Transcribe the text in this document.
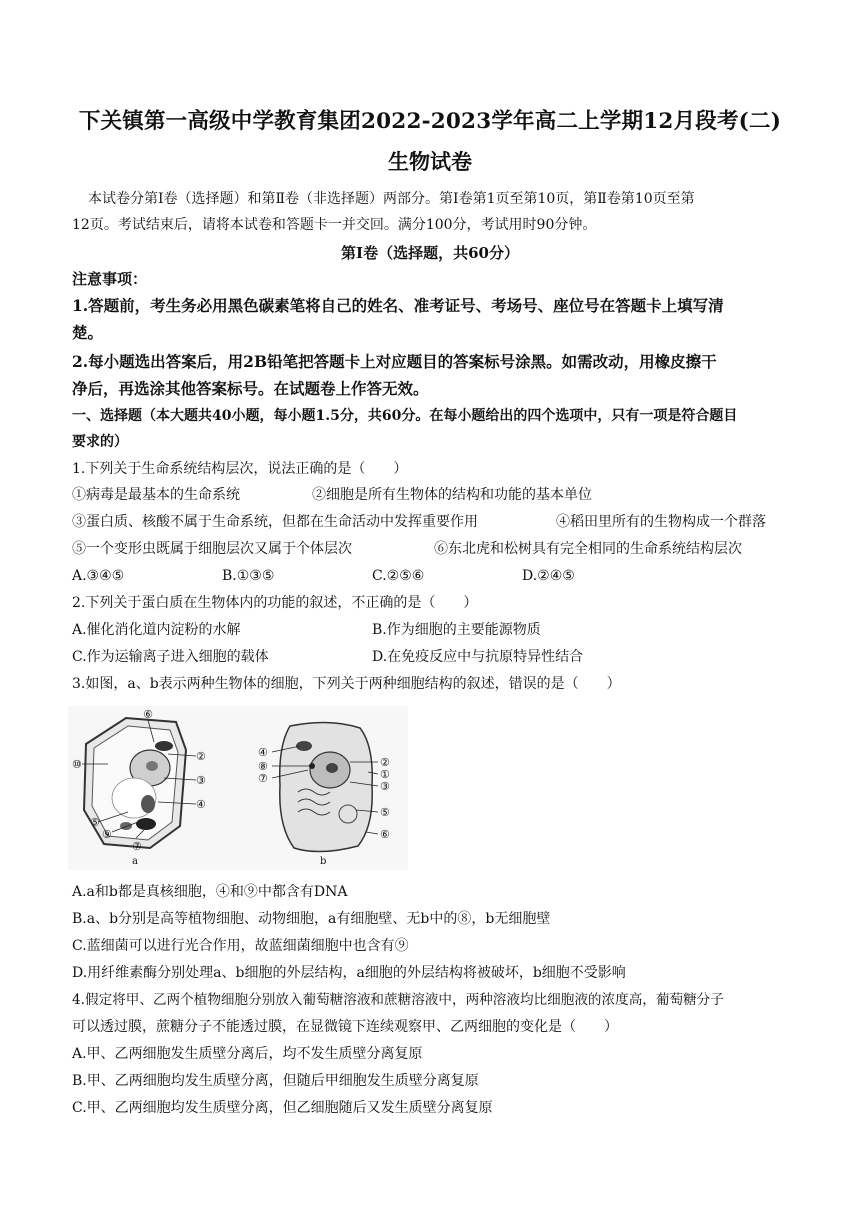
下关镇第一高级中学教育集团2022-2023学年高二上学期12月段考(二)
生物试卷
本试卷分第Ⅰ卷（选择题）和第Ⅱ卷（非选择题）两部分。第Ⅰ卷第1页至第10页，第Ⅱ卷第10页至第
12页。考试结束后，请将本试卷和答题卡一并交回。满分100分，考试用时90分钟。
第Ⅰ卷（选择题，共60分）
注意事项：
1.答题前，考生务必用黑色碳素笔将自己的姓名、准考证号、考场号、座位号在答题卡上填写清
楚。
2.每小题选出答案后，用2B铅笔把答题卡上对应题目的答案标号涂黑。如需改动，用橡皮擦干
净后，再选涂其他答案标号。在试题卷上作答无效。
一、选择题（本大题共40小题，每小题1.5分，共60分。在每小题给出的四个选项中，只有一项是符合题目
要求的）
1.下列关于生命系统结构层次，说法正确的是（　　）
①病毒是最基本的生命系统	②细胞是所有生物体的结构和功能的基本单位
③蛋白质、核酸不属于生命系统，但都在生命活动中发挥重要作用	④稻田里所有的生物构成一个群落
⑤一个变形虫既属于细胞层次又属于个体层次	⑥东北虎和松树具有完全相同的生命系统结构层次
A.③④⑤	B.①③⑤	C.②⑤⑥	D.②④⑤
2.下列关于蛋白质在生物体内的功能的叙述，不正确的是（　　）
A.催化消化道内淀粉的水解	B.作为细胞的主要能源物质
C.作为运输离子进入细胞的载体	D.在免疫反应中与抗原特异性结合
3.如图，a、b表示两种生物体的细胞，下列关于两种细胞结构的叙述，错误的是（　　）
⑥
⑩
②
③
④
⑤
⑨
⑦
a
④
⑧
⑦
②
①
③
⑤
⑥
b
A.a和b都是真核细胞，④和⑨中都含有DNA
B.a、b分别是高等植物细胞、动物细胞，a有细胞壁、无b中的⑧，b无细胞壁
C.蓝细菌可以进行光合作用，故蓝细菌细胞中也含有⑨
D.用纤维素酶分别处理a、b细胞的外层结构，a细胞的外层结构将被破坏，b细胞不受影响
4.假定将甲、乙两个植物细胞分别放入葡萄糖溶液和蔗糖溶液中，两种溶液均比细胞液的浓度高，葡萄糖分子
可以透过膜，蔗糖分子不能透过膜，在显微镜下连续观察甲、乙两细胞的变化是（　　）
A.甲、乙两细胞发生质壁分离后，均不发生质壁分离复原
B.甲、乙两细胞均发生质壁分离，但随后甲细胞发生质壁分离复原
C.甲、乙两细胞均发生质壁分离，但乙细胞随后又发生质壁分离复原
